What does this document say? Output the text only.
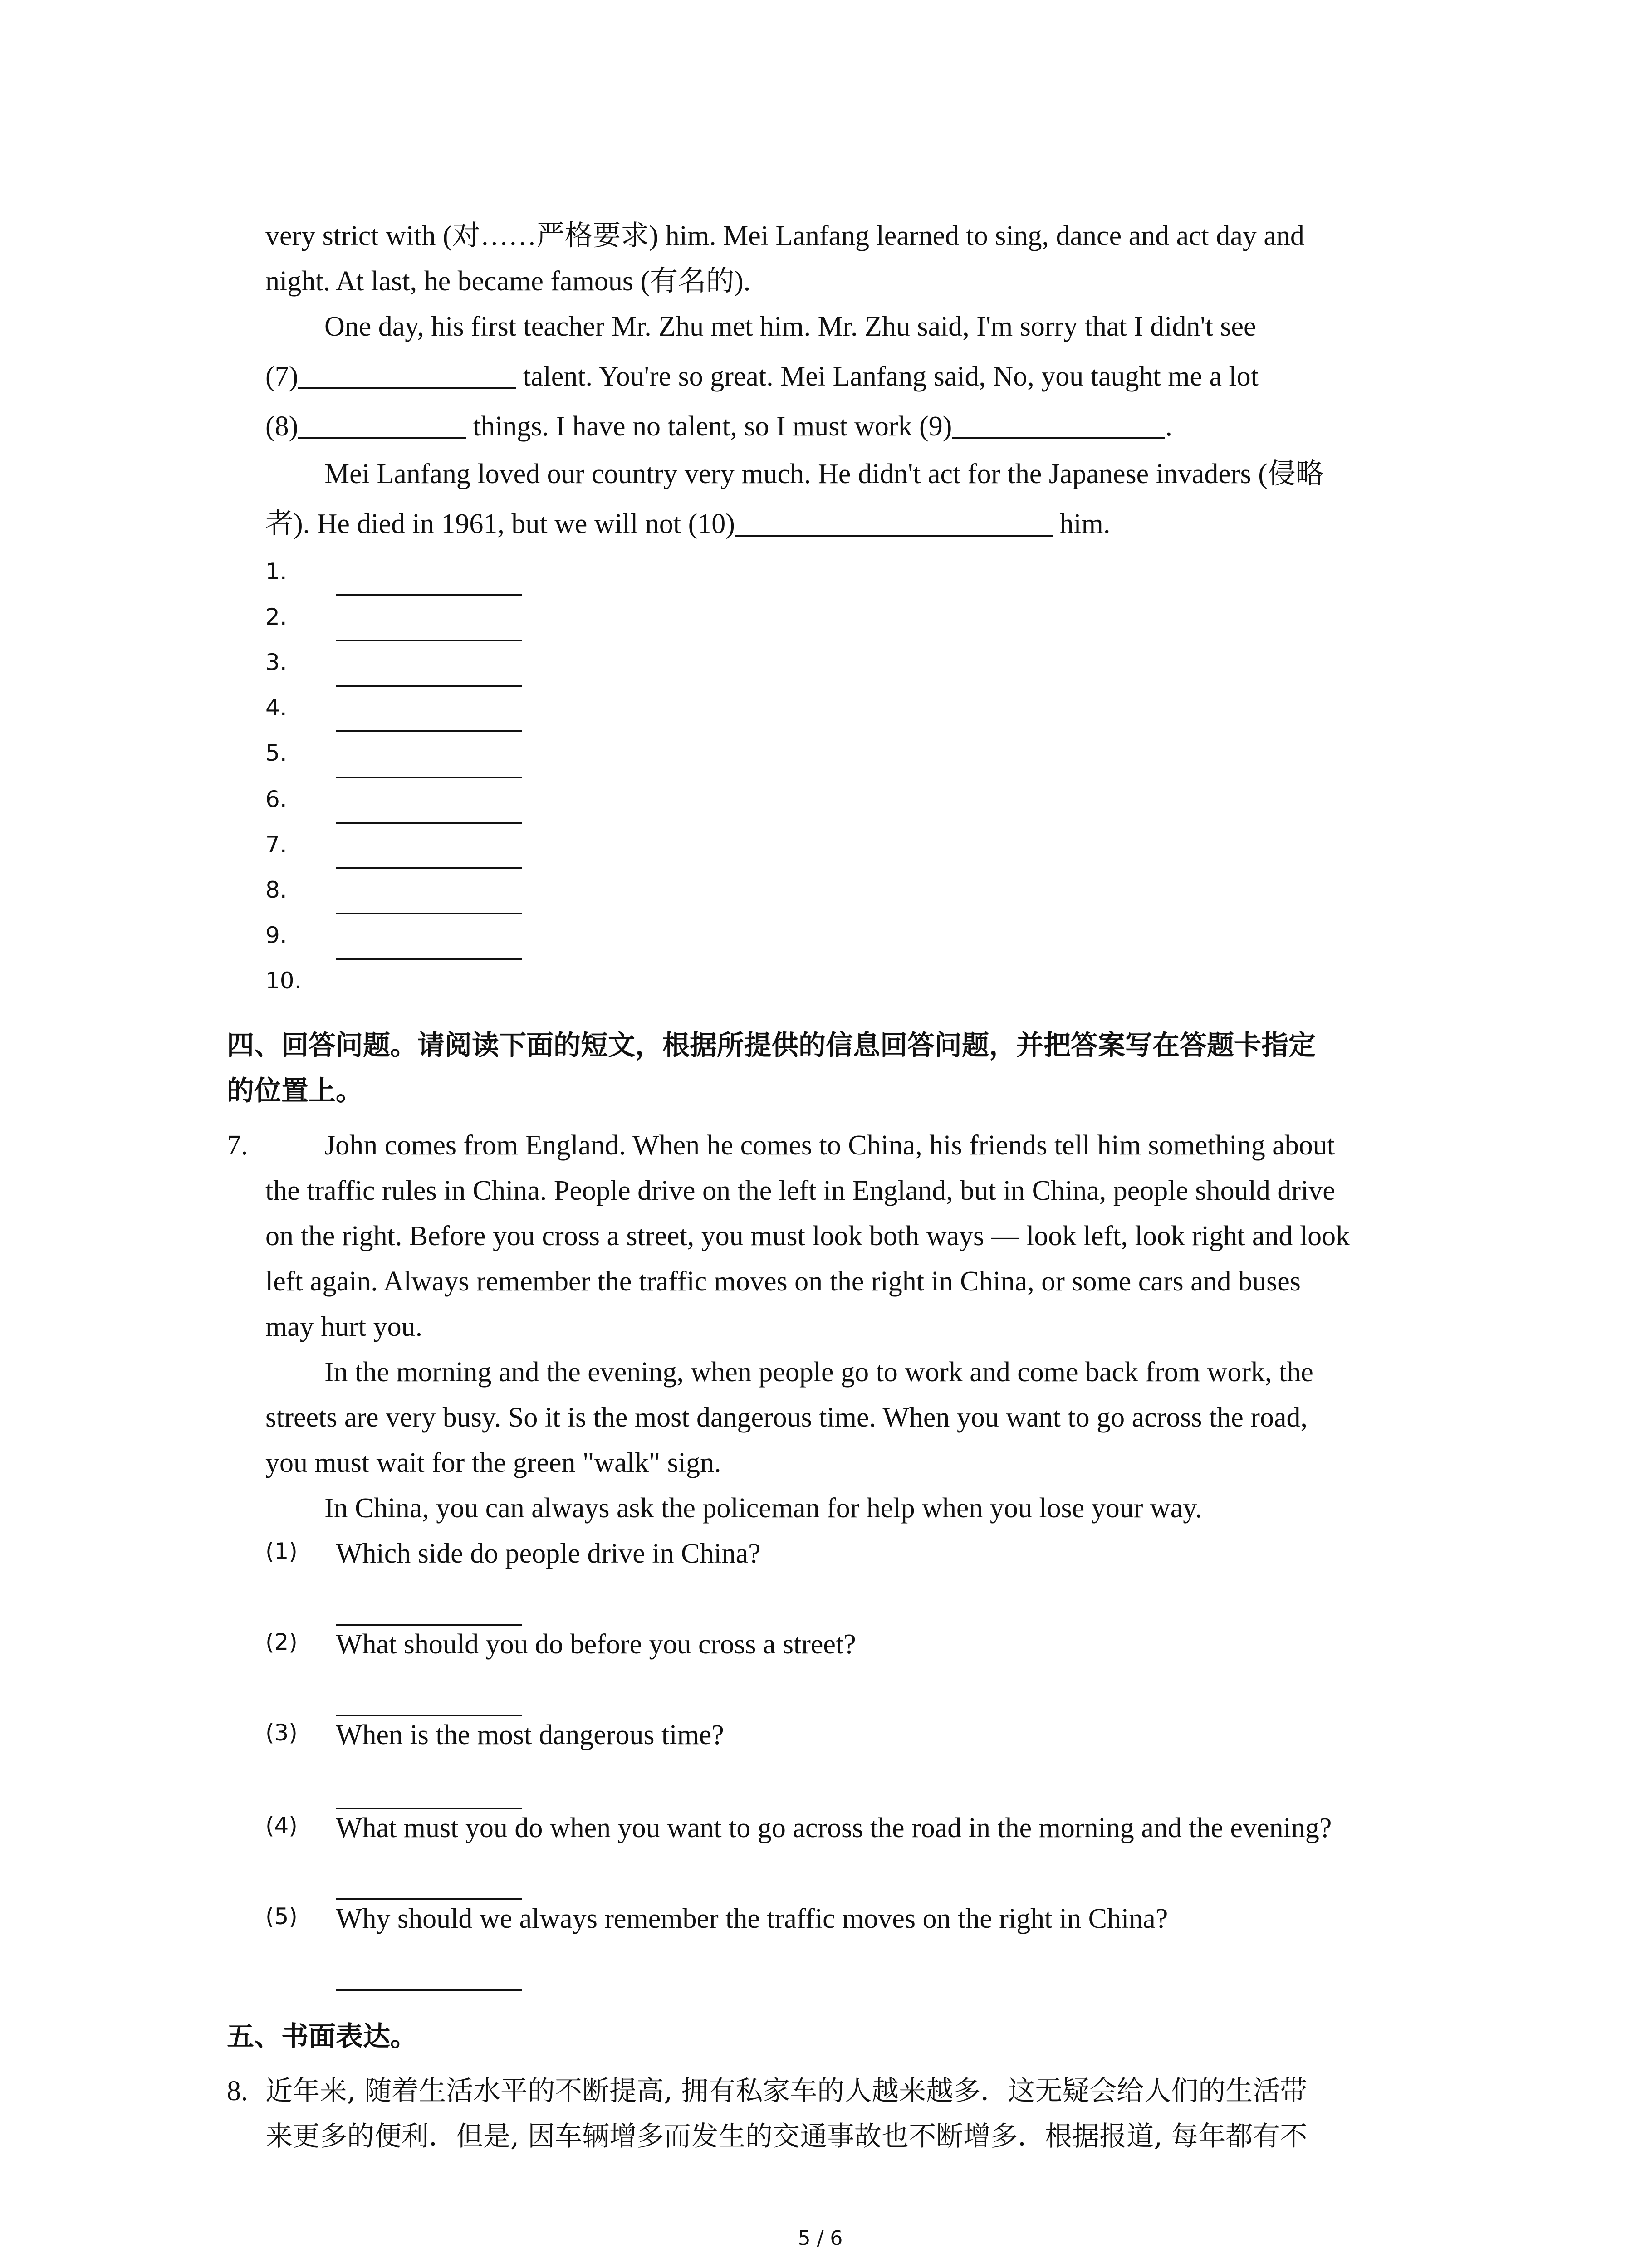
very strict with (对……严格要求) him. Mei Lanfang learned to sing, dance and act day and
night. At last, he became famous (有名的).
One day, his first teacher Mr. Zhu met him. Mr. Zhu said, I'm sorry that I didn't see
(7)	talent. You're so great. Mei Lanfang said, No, you taught me a lot
(8)	things. I have no talent, so I must work (9)	.
Mei Lanfang loved our country very much. He didn't act for the Japanese invaders (侵略
者). He died in 1961, but we will not (10)	him.
1.
2.
3.
4.
5.
6.
7.
8.
9.
10.
四、回答问题。请阅读下面的短文，根据所提供的信息回答问题，并把答案写在答题卡指定
的位置上。
7.	John comes from England. When he comes to China, his friends tell him something about
the traffic rules in China. People drive on the left in England, but in China, people should drive
on the right. Before you cross a street, you must look both ways — look left, look right and look
left again. Always remember the traffic moves on the right in China, or some cars and buses
may hurt you.
In the morning and the evening, when people go to work and come back from work, the
streets are very busy. So it is the most dangerous time. When you want to go across the road,
you must wait for the green "walk" sign.
In China, you can always ask the policeman for help when you lose your way.
(1) Which side do people drive in China?
(2) What should you do before you cross a street?
(3) When is the most dangerous time?
(4) What must you do when you want to go across the road in the morning and the evening?
(5) Why should we always remember the traffic moves on the right in China?
五、书面表达。
8. 近年来, 随着生活水平的不断提高, 拥有私家车的人越来越多．这无疑会给人们的生活带
来更多的便利．但是, 因车辆增多而发生的交通事故也不断增多．根据报道, 每年都有不
5 / 6
